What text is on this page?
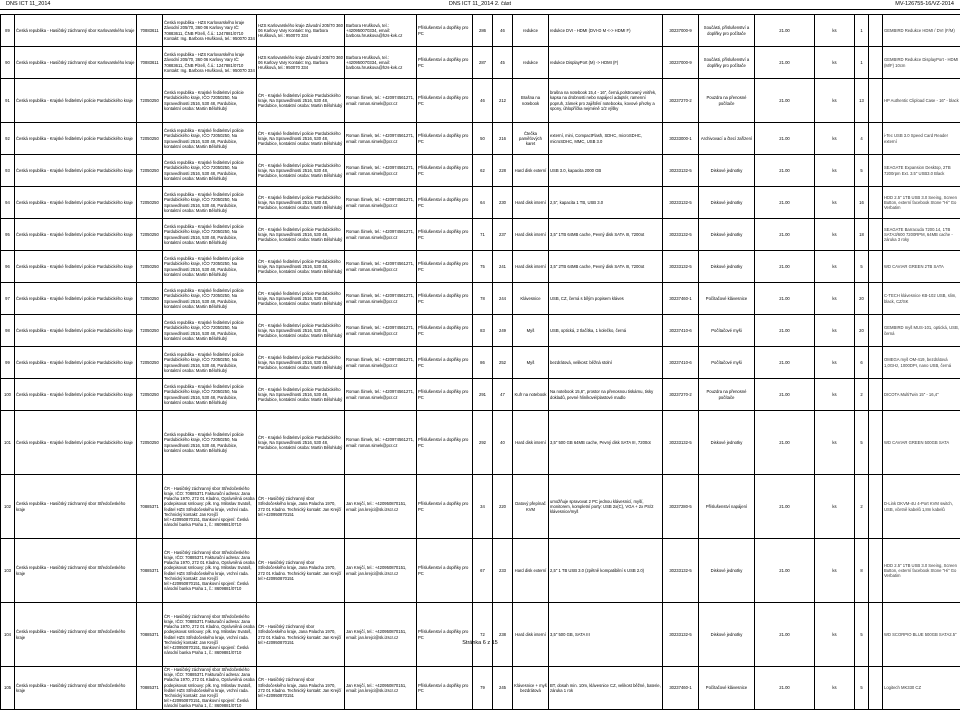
DNS ICT 11_2014	DNS ICT 11_2014 2. část	MV-126755-16/VZ-2014
89	Česká republika - Hasičský záchranný sbor Karlovarského kraje	70883611	Česká republika - HZS Karlovarského kraje Závodní 205/70, 360 06 Karlovy Vary IČ: 70883611, ČNB Plzeň, č.ú.: 1247881/0710 Kontakt: Ing. Barbora Hrušková, tel.: 950070 334	HZS Karlovarského kraje Závodní 205/70 360 06 Karlovy Vary Kontakt: Ing. Barbora Hrušková, tel.: 950070 334	Barbora Hrušková, tel.: +420950070334, email: barbora.hruskova@hzs-kvk.cz	Příslušenství a doplňky pro PC	286	46	redukce	redukce DVI - HDMI (DVI-D M <-> HDMI F)	30237000-9	Součásti, příslušenství a doplňky pro počítače	21.00	ks	1		GEMBIRD Redukce HDMI / DVI (F/M)
90	Česká republika - Hasičský záchranný sbor Karlovarského kraje	70883611	Česká republika - HZS Karlovarského kraje Závodní 205/70, 360 06 Karlovy Vary IČ: 70883611, ČNB Plzeň, č.ú.: 1247881/0710 Kontakt: Ing. Barbora Hrušková, tel.: 950070 334	HZS Karlovarského kraje Závodní 205/70 360 06 Karlovy Vary Kontakt: Ing. Barbora Hrušková, tel.: 950070 334	Barbora Hrušková, tel.: +420950070334, email: barbora.hruskova@hzs-kvk.cz	Příslušenství a doplňky pro PC	287	45	redukce	redukce DisplayPort (M) -> HDMI (F)	30237000-9	Součásti, příslušenství a doplňky pro počítače	21.00	ks	1		GEMBIRD Redukce DisplayPort - HDMI (M/F) 10cm
91	Česká republika - Krajské ředitelství policie Pardubického kraje	72050250	Česká republika - Krajské ředitelství policie Pardubického kraje, IČO 72050250, Na Spravedlnosti 2516, 530 48, Pardubice, kontaktní osoba: Martin Bělohlubý	ČR - Krajské ředitelství policie Pardubického kraje, Na Spravedlnosti 2516, 530 48, Pardubice, kontaktní osoba: Martin Bělohlubý	Roman Šimek, tel.: +420974561271, email: roman.simek@pcr.cz	Příslušenství a doplňky pro PC	46	212	Brašna na notebook	brašna na notebook 15,4 - 16", černá,polstrovaný vnitřek, kapsa na drobnosti nebo napájecí adaptér, ramenní popruh, zámek pro zajištění notebooku, kovové přezky a spony, úhlopříčka nejméně 1/2 výšky	30237270-2	Pouzdra na přenosné počítače	21.00	ks	13		HP Authentic Clipload Case - 16" - black
92	Česká republika - Krajské ředitelství policie Pardubického kraje	72050250	Česká republika - Krajské ředitelství policie Pardubického kraje, IČO 72050250, Na Spravedlnosti 2516, 530 48, Pardubice, kontaktní osoba: Martin Bělohlubý	ČR - Krajské ředitelství policie Pardubického kraje, Na Spravedlnosti 2516, 530 48, Pardubice, kontaktní osoba: Martin Bělohlubý	Roman Šimek, tel.: +420974561271, email: roman.simek@pcr.cz	Příslušenství a doplňky pro PC	50	216	Čtečka paměťových karet	externí, mini, CompactFlash, SDHC, microSDHC, microSDHC, MMC, USB 3.0	30233000-1	Archivovací a čtecí zařízení	21.00	ks	4		i-Tec USB 3.0 Speed Card Reader externí
93	Česká republika - Krajské ředitelství policie Pardubického kraje	72050250	Česká republika - Krajské ředitelství policie Pardubického kraje, IČO 72050250, Na Spravedlnosti 2516, 530 48, Pardubice, kontaktní osoba: Martin Bělohlubý	ČR - Krajské ředitelství policie Pardubického kraje, Na Spravedlnosti 2516, 530 48, Pardubice, kontaktní osoba: Martin Bělohlubý	Roman Šimek, tel.: +420974561271, email: roman.simek@pcr.cz	Příslušenství a doplňky pro PC	62	228	Hard disk externí	USB 3.0, kapacita 2000 GB	30233132-5	Diskové jednotky	21.00	ks	5		SEAGATE Expansion Desktop, 2TB 7200rpm Ext. 3.5" USB3.0 Black
94	Česká republika - Krajské ředitelství policie Pardubického kraje	72050250	Česká republika - Krajské ředitelství policie Pardubického kraje, IČO 72050250, Na Spravedlnosti 2516, 530 48, Pardubice, kontaktní osoba: Martin Bělohlubý	ČR - Krajské ředitelství policie Pardubického kraje, Na Spravedlnosti 2516, 530 48, Pardubice, kontaktní osoba: Martin Bělohlubý	Roman Šimek, tel.: +420974561271, email: roman.simek@pcr.cz	Příslušenství a doplňky pro PC	64	230	Hard disk interní	2,5", kapacita 1 TB, USB 3.0	30233132-5	Diskové jednotky	21.00	ks	16		HDD 2.5" 1TB USB 3.0 Seeing, Screen Button, externí facebook Stone "Hi" Go Verbatim
95	Česká republika - Krajské ředitelství policie Pardubického kraje	72050250	Česká republika - Krajské ředitelství policie Pardubického kraje, IČO 72050250, Na Spravedlnosti 2516, 530 48, Pardubice, kontaktní osoba: Martin Bělohlubý	ČR - Krajské ředitelství policie Pardubického kraje, Na Spravedlnosti 2516, 530 48, Pardubice, kontaktní osoba: Martin Bělohlubý	Roman Šimek, tel.: +420974561271, email: roman.simek@pcr.cz	Příslušenství a doplňky pro PC	71	237	Hard disk interní	3,5" 1TB 64MB cache, Pevný disk SATA III, 7200ot	30233132-5	Diskové jednotky	21.00	ks	18		SEAGATE Barracuda 7200.14, 1TB SATA3/600 7200RPM, 64MB cache - záruka 3 roky
96	Česká republika - Krajské ředitelství policie Pardubického kraje	72050250	Česká republika - Krajské ředitelství policie Pardubického kraje, IČO 72050250, Na Spravedlnosti 2516, 530 48, Pardubice, kontaktní osoba: Martin Bělohlubý	ČR - Krajské ředitelství policie Pardubického kraje, Na Spravedlnosti 2516, 530 48, Pardubice, kontaktní osoba: Martin Bělohlubý	Roman Šimek, tel.: +420974561271, email: roman.simek@pcr.cz	Příslušenství a doplňky pro PC	75	241	Hard disk interní	3,5" 2TB 64MB cache, Pevný disk SATA III, 7200ot	30233132-5	Diskové jednotky	21.00	ks	5		WD CAVIAR GREEN 2TB SATA
97	Česká republika - Krajské ředitelství policie Pardubického kraje	72050250	Česká republika - Krajské ředitelství policie Pardubického kraje, IČO 72050250, Na Spravedlnosti 2516, 530 48, Pardubice, kontaktní osoba: Martin Bělohlubý	ČR - Krajské ředitelství policie Pardubického kraje, Na Spravedlnosti 2516, 530 48, Pardubice, kontaktní osoba: Martin Bělohlubý	Roman Šimek, tel.: +420974561271, email: roman.simek@pcr.cz	Příslušenství a doplňky pro PC	78	244	Klávesnice	USB, CZ, černá s bílým popisem kláves	30237460-1	Počítačové klávesnice	21.00	ks	20		C-TECH klávesnice KB-102 USB, slim, black, CZ/SK
98	Česká republika - Krajské ředitelství policie Pardubického kraje	72050250	Česká republika - Krajské ředitelství policie Pardubického kraje, IČO 72050250, Na Spravedlnosti 2516, 530 48, Pardubice, kontaktní osoba: Martin Bělohlubý	ČR - Krajské ředitelství policie Pardubického kraje, Na Spravedlnosti 2516, 530 48, Pardubice, kontaktní osoba: Martin Bělohlubý	Roman Šimek, tel.: +420974561271, email: roman.simek@pcr.cz	Příslušenství a doplňky pro PC	83	249	Myš	USB, optická, 2 tlačítka, 1 kolečko, černá	30237410-6	Počítačové myši	21.00	ks	20		GEMBIRD myš MUS-101, optická, USB, černá
99	Česká republika - Krajské ředitelství policie Pardubického kraje	72050250	Česká republika - Krajské ředitelství policie Pardubického kraje, IČO 72050250, Na Spravedlnosti 2516, 530 48, Pardubice, kontaktní osoba: Martin Bělohlubý	ČR - Krajské ředitelství policie Pardubického kraje, Na Spravedlnosti 2516, 530 48, Pardubice, kontaktní osoba: Martin Bělohlubý	Roman Šimek, tel.: +420974561271, email: roman.simek@pcr.cz	Příslušenství a doplňky pro PC	86	252	Myš	bezdrátová, velikost: běžná stolní	30237410-6	Počítačové myši	21.00	ks	6		OMEGA myš OM-419, bezdrátová 1,0GHz, 1000DPI, nano USB, černá
100	Česká republika - Krajské ředitelství policie Pardubického kraje	72050250	Česká republika - Krajské ředitelství policie Pardubického kraje, IČO 72050250, Na Spravedlnosti 2516, 530 48, Pardubice, kontaktní osoba: Martin Bělohlubý	ČR - Krajské ředitelství policie Pardubického kraje, Na Spravedlnosti 2516, 530 48, Pardubice, kontaktní osoba: Martin Bělohlubý	Roman Šimek, tel.: +420974561271, email: roman.simek@pcr.cz	Příslušenství a doplňky pro PC	291	47	Kufr na notebook	Na notebook 15,6", prostor na přenosnou tiskárnu, tisky dokladů, pevné hliníkové/plastové madlo	30237270-2	Pouzdra na přenosné počítače	21.00	ks	2		DICOTA MultiTwin 15" - 16,4"
101	Česká republika - Krajské ředitelství policie Pardubického kraje	72050250	Česká republika - Krajské ředitelství policie Pardubického kraje, IČO 72050250, Na Spravedlnosti 2516, 530 48, Pardubice, kontaktní osoba: Martin Bělohlubý	ČR - Krajské ředitelství policie Pardubického kraje, Na Spravedlnosti 2516, 530 48, Pardubice, kontaktní osoba: Martin Bělohlubý	Roman Šimek, tel.: +420974561271, email: roman.simek@pcr.cz	Příslušenství a doplňky pro PC	292	40	Hard disk interní	3,5" 500 GB 64MB cache, Pevný disk SATA III, 7200ot	30233132-5	Diskové jednotky	21.00	ks	5		WD CAVIAR GREEN 500GB SATA
102	Česká republika - Hasičský záchranný sbor Středočeského kraje	70885371	ČR - Hasičský záchranný sbor Středočeského kraje, IČO: 70885371 Fakturační adresa: Jana Palacha 1970, 272 01 Kladno, Oprávněná osoba podepisovat smlouvy: plk. Ing. Miloslav Svatoš, ředitel HZS Středočeského kraje, vrchní rada. Technický kontakt: Jan Krejčí tel:+420950870151, Bankovní spojení: Česká národní banka Praha 1, č.: 8609881/0710	ČR - Hasičský záchranný sbor Středočeského kraje, Jana Palacha 1970, 272 01 Kladno. Technický kontakt: Jan Krejčí tel:+420950870151	Jan Krejčí, tel.: +420950870151, email: jan.krejci@sk.izscr.cz	Příslušenství a doplňky pro PC	34	220	Datový přepínač KVM	umožňuje spravovat 2 PC jednou klávesnicí, myší, monitorem, kompletní porty: USB 2x(C), VGA + 2x PS/2 klávesnice/myš	30237280-5	Příslušenství napájení	21.00	ks	2		D-Link DKVM-4U 4-Port KVM switch, USB, včetně kabelů 1,8m kabelů
103	Česká republika - Hasičský záchranný sbor Středočeského kraje	70885371	ČR - Hasičský záchranný sbor Středočeského kraje, IČO: 70885371 Fakturační adresa: Jana Palacha 1970, 272 01 Kladno, Oprávněná osoba podepisovat smlouvy: plk. Ing. Miloslav Svatoš, ředitel HZS Středočeského kraje, vrchní rada. Technický kontakt: Jan Krejčí tel:+420950870151, Bankovní spojení: Česká národní banka Praha 1, č.: 8609881/0710	ČR - Hasičský záchranný sbor Středočeského kraje, Jana Palacha 1970, 272 01 Kladno. Technický kontakt: Jan Krejčí tel:+420950870151	Jan Krejčí, tel.: +420950870151, email: jan.krejci@sk.izscr.cz	Příslušenství a doplňky pro PC	67	233	Hard disk externí	2,5" 1 TB USB 3.0 (zpětně kompatibilní s USB 2.0)	30233132-5	Diskové jednotky	21.00	ks	8		HDD 2.5" 1TB USB 3.0 Seeing, Screen Button, externí facebook Stone "Hi" Go Verbatim
104	Česká republika - Hasičský záchranný sbor Středočeského kraje	70885371	ČR - Hasičský záchranný sbor Středočeského kraje, IČO: 70885371 Fakturační adresa: Jana Palacha 1970, 272 01 Kladno, Oprávněná osoba podepisovat smlouvy: plk. Ing. Miloslav Svatoš, ředitel HZS Středočeského kraje, vrchní rada. Technický kontakt: Jan Krejčí tel:+420950870151, Bankovní spojení: Česká národní banka Praha 1, č.: 8609881/0710	ČR - Hasičský záchranný sbor Středočeského kraje, Jana Palacha 1970, 272 01 Kladno. Technický kontakt: Jan Krejčí tel:+420950870151	Jan Krejčí, tel.: +420950870151, email: jan.krejci@sk.izscr.cz	Příslušenství a doplňky pro PC	72	238	Hard disk interní	3,5" 500 GB, SATA III	30233132-5	Diskové jednotky	21.00	ks	5		WD SCORPIO BLUE 500GB SATA2.5"
105	Česká republika - Hasičský záchranný sbor Středočeského kraje	70885371	ČR - Hasičský záchranný sbor Středočeského kraje, IČO: 70885371 Fakturační adresa: Jana Palacha 1970, 272 01 Kladno, Oprávněná osoba podepisovat smlouvy: plk. Ing. Miloslav Svatoš, ředitel HZS Středočeského kraje, vrchní rada. Technický kontakt: Jan Krejčí tel:+420950870151, Bankovní spojení: Česká národní banka Praha 1, č.: 8609881/0710	ČR - Hasičský záchranný sbor Středočeského kraje, Jana Palacha 1970, 272 01 Kladno. Technický kontakt: Jan Krejčí tel:+420950870151	Jan Krejčí, tel.: +420950870151, email: jan.krejci@sk.izscr.cz	Příslušenství a doplňky pro PC	79	245	Klávesnice + myš bezdrátová	BT, dosah min. 10m, klávesnice CZ, velikost běžné, baterie, záruka 1 rok	30237460-1	Počítačové klávesnice	21.00	ks	5		Logitech MK330 CZ
Stránka 6 z 15
